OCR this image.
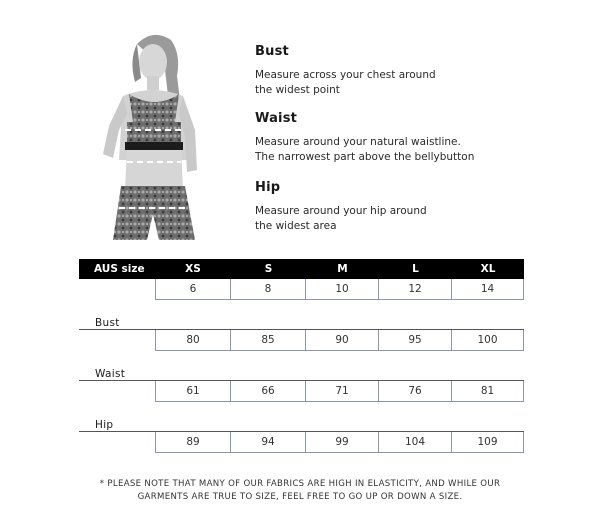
Bust

Measure across your chest around

the widest point

Waist

Measure around your natural waistline.

The narrowest part above the bellybutton

Hip

Measure around your hip around

the widest area

AUS size	XS	S	M	L	XL
6	8	10	12	14
Bust
80	85	90	95	100
Waist
61	66	71	76	81
Hip
89	94	99	104	109
* PLEASE NOTE THAT MANY OF OUR FABRICS ARE HIGH IN ELASTICITY, AND WHILE OUR
GARMENTS ARE TRUE TO SIZE, FEEL FREE TO GO UP OR DOWN A SIZE.
